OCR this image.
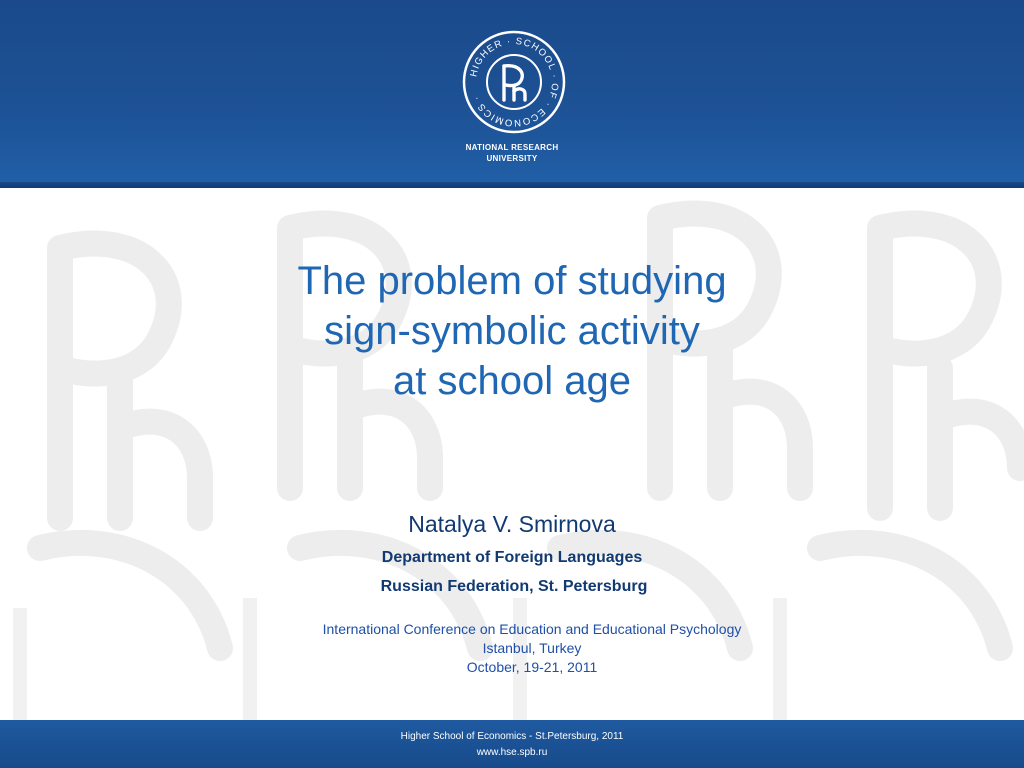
HIGHER · SCHOOL · OF · ECONOMICS ·
NATIONAL RESEARCH
UNIVERSITY
The problem of studying
sign-symbolic activity
at school age
Natalya V. Smirnova
Department of Foreign Languages
Russian Federation, St. Petersburg
International Conference on Education and Educational Psychology
Istanbul, Turkey
October, 19-21, 2011
Higher School of Economics - St.Petersburg, 2011
www.hse.spb.ru
